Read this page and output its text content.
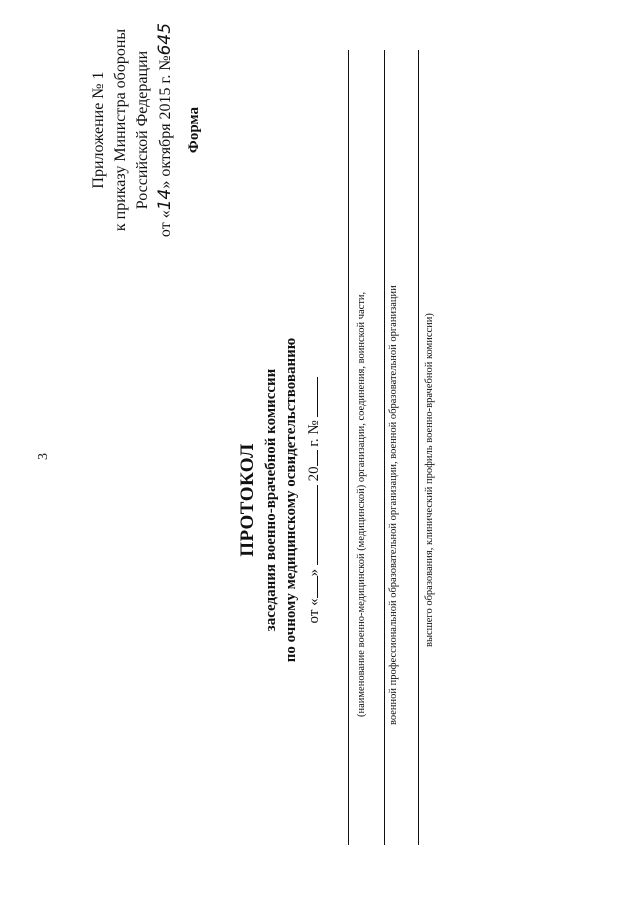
3
Приложение № 1 к приказу Министра обороны Российской Федерации
от «14» октября 2015 г. №645
Форма
ПРОТОКОЛ заседания военно-врачебной комиссии по очному медицинскому освидетельствованию от «»  20 г. №	(наименование военно-медицинской (медицинской) организации, соединения, воинской части, военной профессиональной образовательной организации, военной образовательной организации высшего образования, клинический профиль военно-врачебной комиссии)
